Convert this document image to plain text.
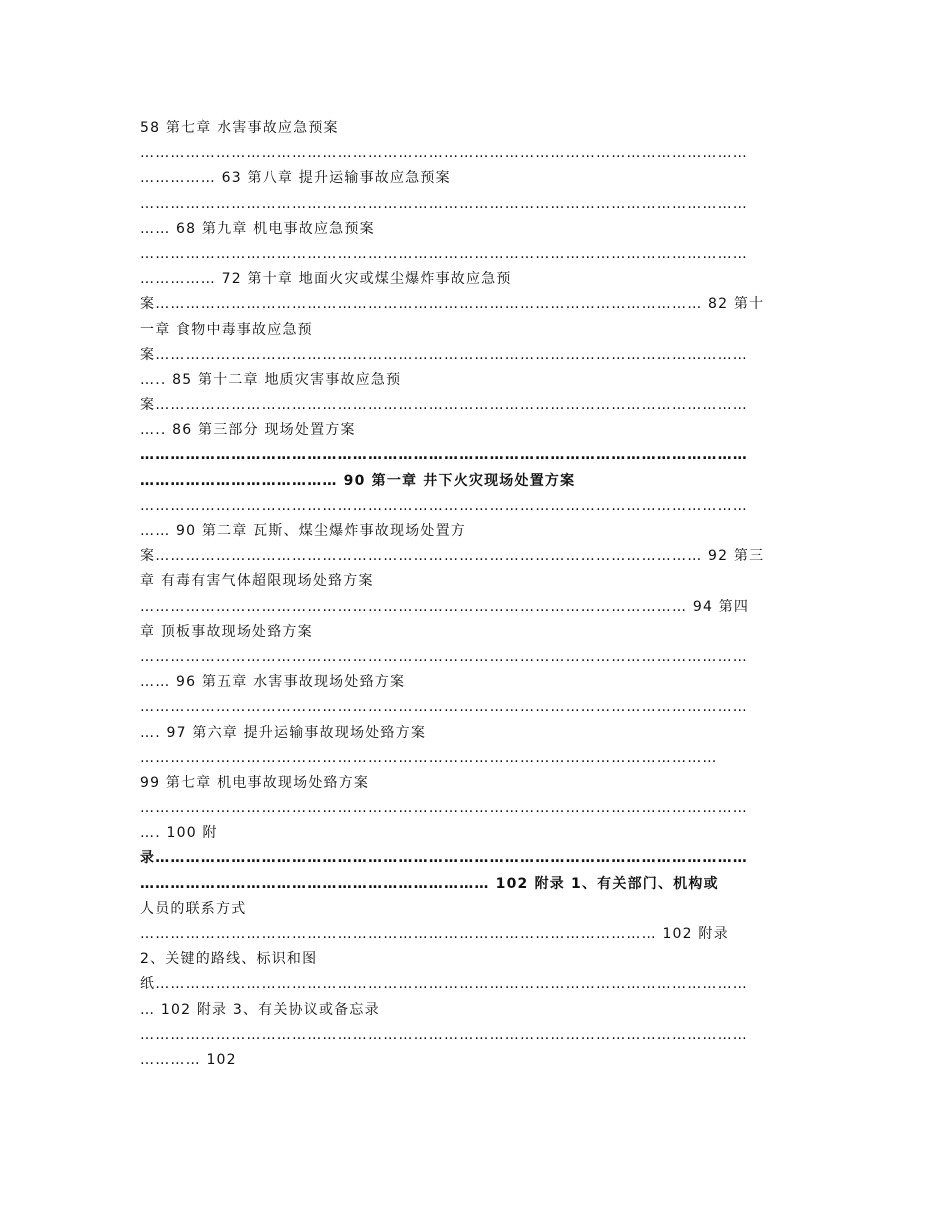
58 第七章 水害事故应急预案
…………………………………………………………………………………………………………
…………… 63 第八章 提升运输事故应急预案
…………………………………………………………………………………………………………
…… 68 第九章 机电事故应急预案
…………………………………………………………………………………………………………
…………… 72 第十章 地面火灾或煤尘爆炸事故应急预
案……………………………………………………………………………………………… 82 第十
一章 食物中毒事故应急预
案………………………………………………………………………………………………………
….. 85 第十二章 地质灾害事故应急预
案………………………………………………………………………………………………………
….. 86 第三部分 现场处置方案
…………………………………………………………………………………………………………
………………………………… 90 第一章 井下火灾现场处置方案
…………………………………………………………………………………………………………
…… 90 第二章 瓦斯、煤尘爆炸事故现场处置方
案……………………………………………………………………………………………… 92 第三
章 有毒有害气体超限现场处臵方案
……………………………………………………………………………………………… 94 第四
章 顶板事故现场处臵方案
…………………………………………………………………………………………………………
…… 96 第五章 水害事故现场处臵方案
…………………………………………………………………………………………………………
…. 97 第六章 提升运输事故现场处臵方案
……………………………………………………………………………………………………
99 第七章 机电事故现场处臵方案
…………………………………………………………………………………………………………
…. 100 附
录………………………………………………………………………………………………………
…………………………………………………………… 102 附录 1、有关部门、机构或
人员的联系方式
………………………………………………………………………………………… 102 附录
2、关键的路线、标识和图
纸………………………………………………………………………………………………………
… 102 附录 3、有关协议或备忘录
…………………………………………………………………………………………………………
………… 102
